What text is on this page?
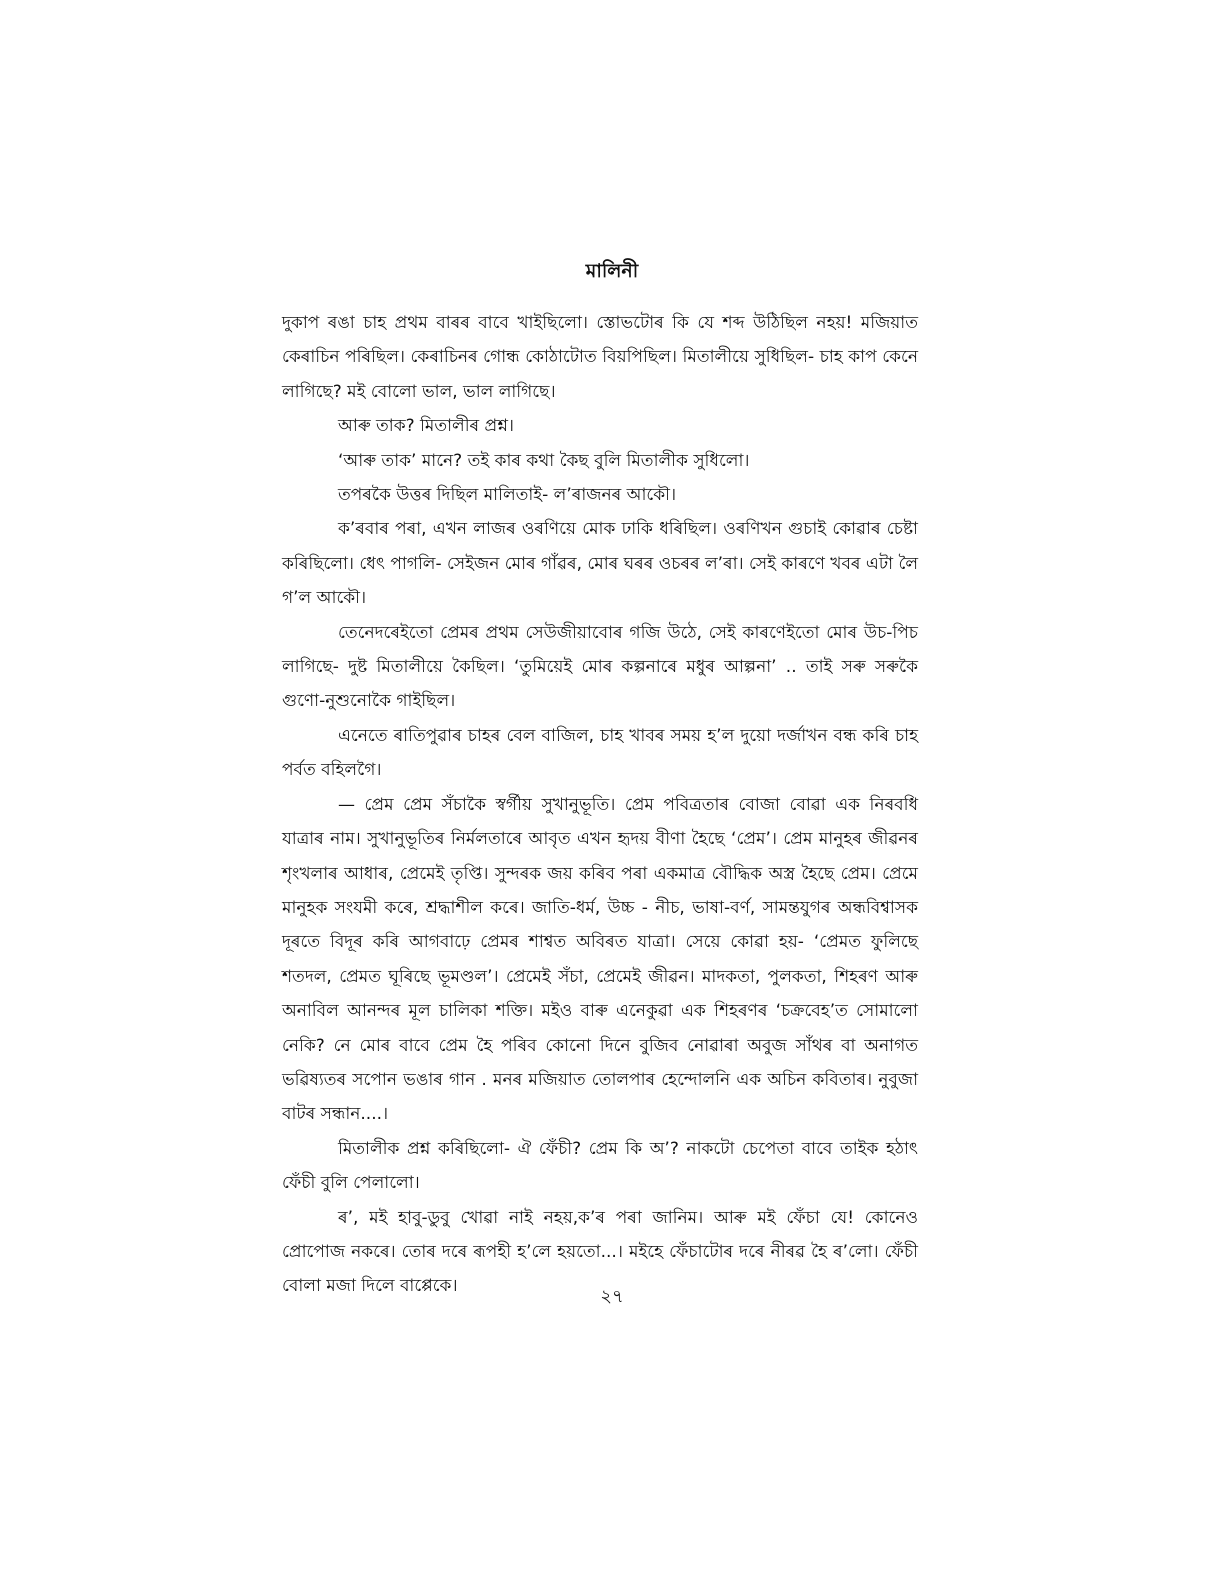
মালিনী

দুকাপ ৰঙা চাহ প্ৰথম বাৰৰ বাবে খাইছিলো। স্তোভটোৰ কি যে শব্দ উঠিছিল নহয়! মজিয়াত কেৰাচিন পৰিছিল। কেৰাচিনৰ গোন্ধ কোঠাটোত বিয়পিছিল। মিতালীয়ে সুধিছিল- চাহ কাপ কেনে লাগিছে? মই বোলো ভাল, ভাল লাগিছে।

আৰু তাক? মিতালীৰ প্ৰশ্ন।

‘আৰু তাক’ মানে? তই কাৰ কথা কৈছ বুলি মিতালীক সুধিলো।

তপৰকৈ উত্তৰ দিছিল মালিতাই- ল’ৰাজনৰ আকৌ।

ক’ৰবাৰ পৰা, এখন লাজৰ ওৰণিয়ে মোক ঢাকি ধৰিছিল। ওৰণিখন গুচাই কোৱাৰ চেষ্টা কৰিছিলো। ধেৎ পাগলি- সেইজন মোৰ গাঁৱৰ, মোৰ ঘৰৰ ওচৰৰ ল’ৰা। সেই কাৰণে খবৰ এটা লৈ গ’ল আকৌ।

তেনেদৰেইতো প্ৰেমৰ প্ৰথম সেউজীয়াবোৰ গজি উঠে, সেই কাৰণেইতো মোৰ উচ-পিচ লাগিছে- দুষ্ট মিতালীয়ে কৈছিল। ‘তুমিয়েই মোৰ কল্পনাৰে মধুৰ আল্পনা’ .. তাই সৰু সৰুকৈ গুণো-নুশুনোকৈ গাইছিল।

এনেতে ৰাতিপুৱাৰ চাহৰ বেল বাজিল, চাহ খাবৰ সময় হ’ল দুয়ো দৰ্জাখন বন্ধ কৰি চাহ পৰ্বত বহিলগৈ।

— প্ৰেম প্ৰেম সঁচাকৈ স্বৰ্গীয় সুখানুভূতি। প্ৰেম পবিত্ৰতাৰ বোজা বোৱা এক নিৰবধি যাত্ৰাৰ নাম। সুখানুভূতিৰ নিৰ্মলতাৰে আবৃত এখন হৃদয় বীণা হৈছে ‘প্ৰেম’। প্ৰেম মানুহৰ জীৱনৰ শৃংখলাৰ আধাৰ, প্ৰেমেই তৃপ্তি। সুন্দৰক জয় কৰিব পৰা একমাত্ৰ বৌদ্ধিক অস্ত্ৰ হৈছে প্ৰেম। প্ৰেমে মানুহক সংযমী কৰে, শ্ৰদ্ধাশীল কৰে। জাতি-ধৰ্ম, উচ্চ - নীচ, ভাষা-বৰ্ণ, সামন্তযুগৰ অন্ধবিশ্বাসক দূৰতে বিদূৰ কৰি আগবাঢ়ে প্ৰেমৰ শাশ্বত অবিৰত যাত্ৰা। সেয়ে কোৱা হয়- ‘প্ৰেমত ফুলিছে শতদল, প্ৰেমত ঘূৰিছে ভূমণ্ডল’। প্ৰেমেই সঁচা, প্ৰেমেই জীৱন। মাদকতা, পুলকতা, শিহৰণ আৰু অনাবিল আনন্দৰ মূল চালিকা শক্তি। মইও বাৰু এনেকুৱা এক শিহৰণৰ ‘চক্ৰবেহ’ত সোমালো নেকি? নে মোৰ বাবে প্ৰেম হৈ পৰিব কোনো দিনে বুজিব নোৱাৰা অবুজ সাঁথৰ বা অনাগত ভৱিষ্যতৰ সপোন ভঙাৰ গান . মনৰ মজিয়াত তোলপাৰ হেন্দোলনি এক অচিন কবিতাৰ। নুবুজা বাটৰ সন্ধান....।

মিতালীক প্ৰশ্ন কৰিছিলো- ঐ ফেঁচী? প্ৰেম কি অ’? নাকটো চেপেতা বাবে তাইক হঠাৎ ফেঁচী বুলি পেলালো।

ৰ’, মই হাবু-ডুবু খোৱা নাই নহয়,ক’ৰ পৰা জানিম। আৰু মই ফেঁচা যে! কোনেও প্ৰোপোজ নকৰে। তোৰ দৰে ৰূপহী হ’লে হয়তো...। মইহে ফেঁচাটোৰ দৰে নীৰৱ হৈ ৰ’লো। ফেঁচী বোলা মজা দিলে বাপ্পেকে।	২৭
